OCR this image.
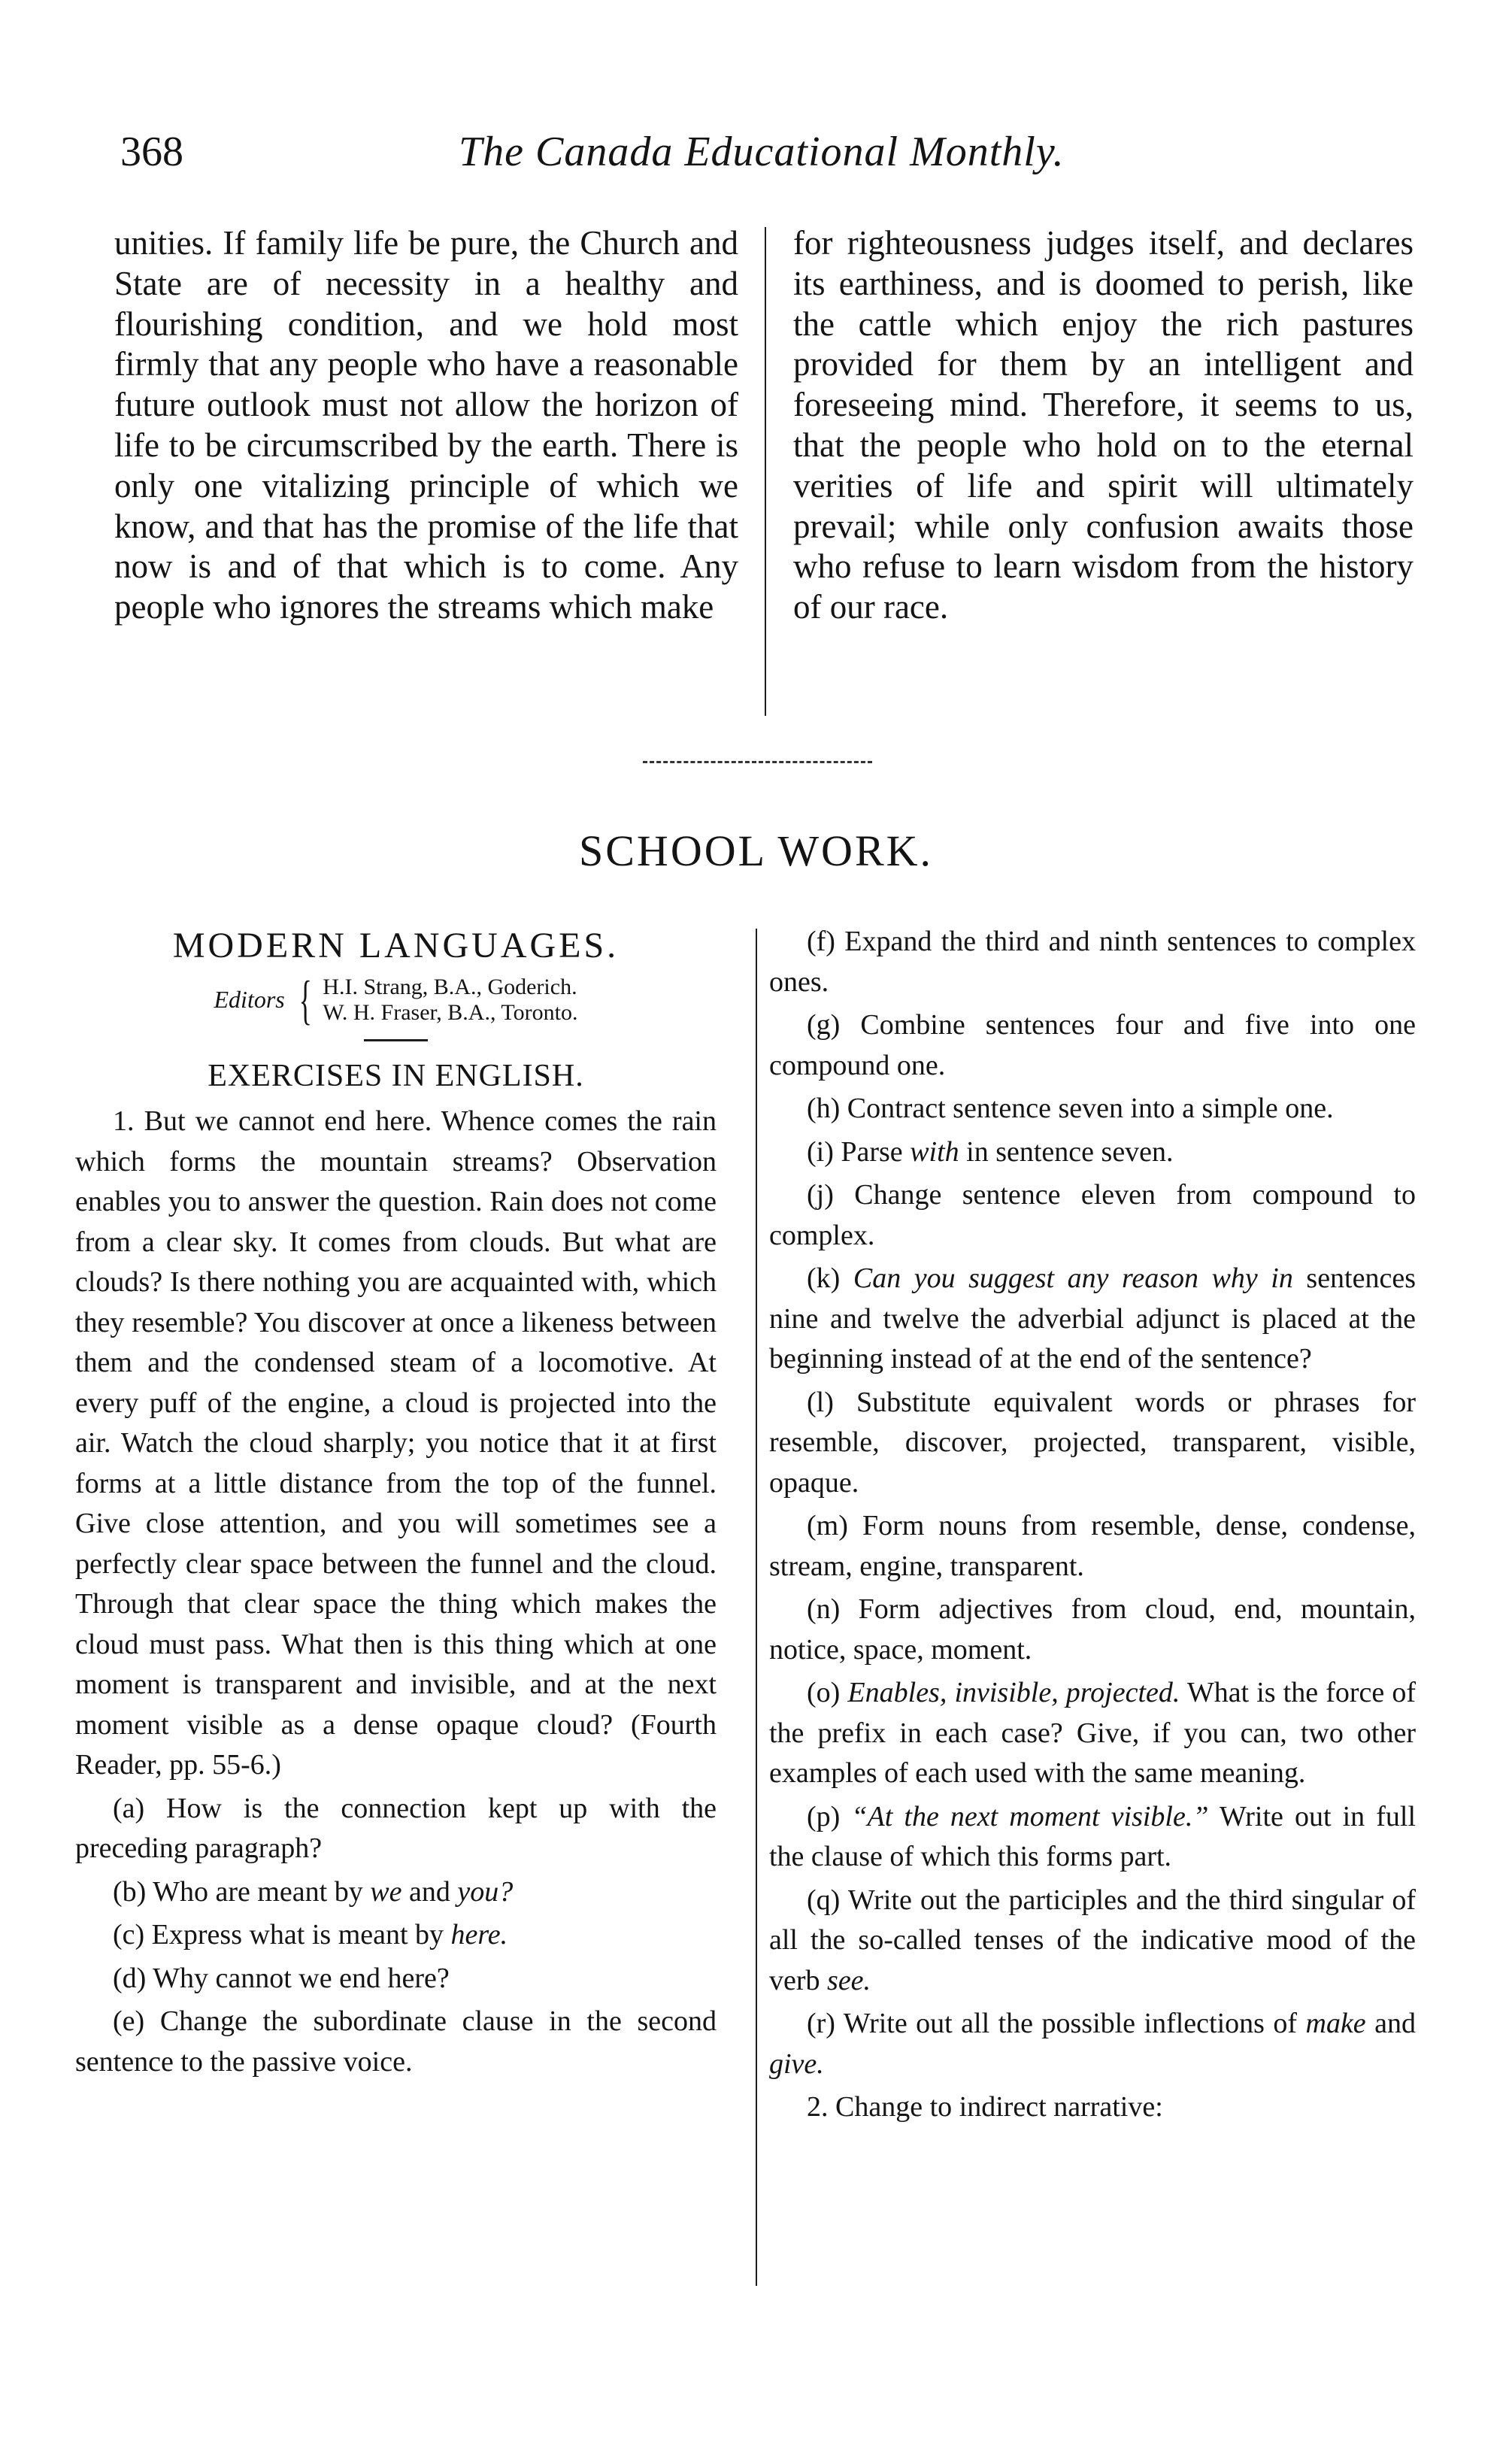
368	The Canada Educational Monthly.

unities. If family life be pure, the Church and State are of necessity in a healthy and flourishing condition, and we hold most firmly that any people who have a reasonable future outlook must not allow the horizon of life to be circumscribed by the earth. There is only one vitalizing principle of which we know, and that has the promise of the life that now is and of that which is to come. Any people who ignores the streams which make

for righteousness judges itself, and declares its earthiness, and is doomed to perish, like the cattle which enjoy the rich pastures provided for them by an intelligent and foreseeing mind. Therefore, it seems to us, that the people who hold on to the eternal verities of life and spirit will ultimately prevail; while only confusion awaits those who refuse to learn wisdom from the history of our race.

SCHOOL WORK.
MODERN LANGUAGES.
Editors { H.I. Strang, B.A., Goderich.
W. H. Fraser, B.A., Toronto.
EXERCISES IN ENGLISH.

1. But we cannot end here. Whence comes the rain which forms the mountain streams? Observation enables you to answer the question. Rain does not come from a clear sky. It comes from clouds. But what are clouds? Is there nothing you are acquainted with, which they resemble? You discover at once a likeness between them and the condensed steam of a locomotive. At every puff of the engine, a cloud is projected into the air. Watch the cloud sharply; you notice that it at first forms at a little distance from the top of the funnel. Give close attention, and you will sometimes see a perfectly clear space between the funnel and the cloud. Through that clear space the thing which makes the cloud must pass. What then is this thing which at one moment is transparent and invisible, and at the next moment visible as a dense opaque cloud? (Fourth Reader, pp. 55-6.)

(a) How is the connection kept up with the preceding paragraph?

(b) Who are meant by we and you?

(c) Express what is meant by here.

(d) Why cannot we end here?

(e) Change the subordinate clause in the second sentence to the passive voice.

(f) Expand the third and ninth sentences to complex ones.

(g) Combine sentences four and five into one compound one.

(h) Contract sentence seven into a simple one.

(i) Parse with in sentence seven.

(j) Change sentence eleven from compound to complex.

(k) Can you suggest any reason why in sentences nine and twelve the adverbial adjunct is placed at the beginning instead of at the end of the sentence?

(l) Substitute equivalent words or phrases for resemble, discover, projected, transparent, visible, opaque.

(m) Form nouns from resemble, dense, condense, stream, engine, transparent.

(n) Form adjectives from cloud, end, mountain, notice, space, moment.

(o) Enables, invisible, projected. What is the force of the prefix in each case? Give, if you can, two other examples of each used with the same meaning.

(p) “At the next moment visible.” Write out in full the clause of which this forms part.

(q) Write out the participles and the third singular of all the so-called tenses of the indicative mood of the verb see.

(r) Write out all the possible inflections of make and give.

2. Change to indirect narrative:
